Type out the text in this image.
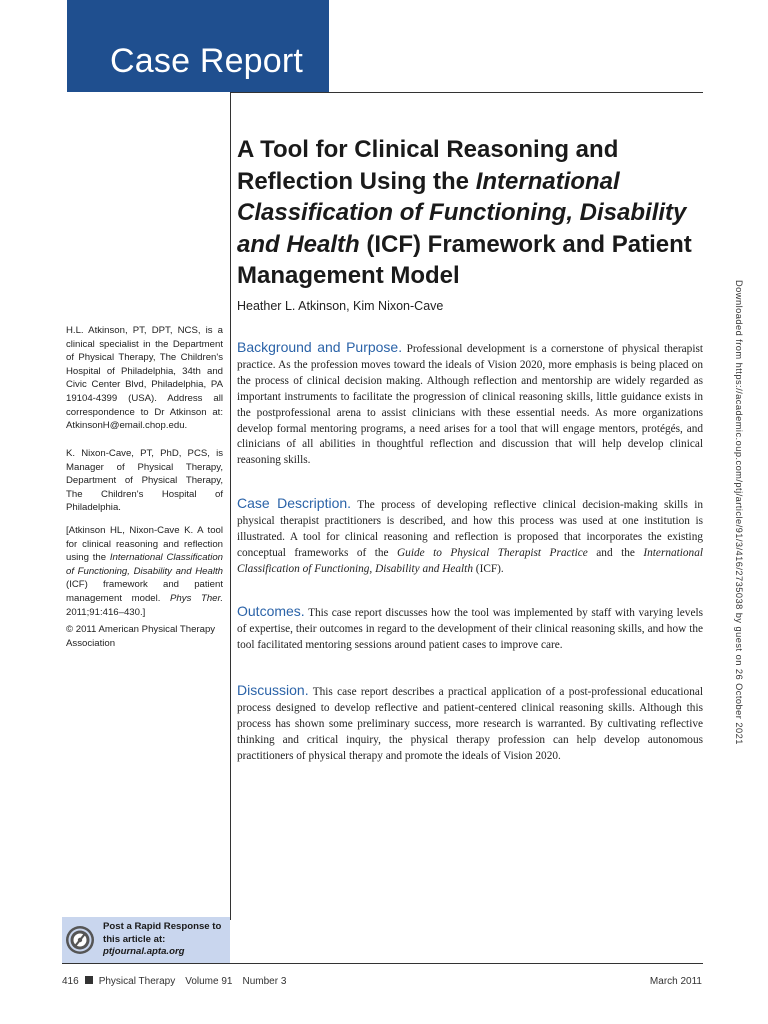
Case Report
A Tool for Clinical Reasoning and Reflection Using the International Classification of Functioning, Disability and Health (ICF) Framework and Patient Management Model
Heather L. Atkinson, Kim Nixon-Cave

H.L. Atkinson, PT, DPT, NCS, is a clinical specialist in the Department of Physical Therapy, The Children's Hospital of Philadelphia, 34th and Civic Center Blvd, Philadelphia, PA 19104-4399 (USA). Address all correspondence to Dr Atkinson at: AtkinsonH@email.chop.edu.

K. Nixon-Cave, PT, PhD, PCS, is Manager of Physical Therapy, Department of Physical Therapy, The Children's Hospital of Philadelphia.

[Atkinson HL, Nixon-Cave K. A tool for clinical reasoning and reflection using the International Classification of Functioning, Disability and Health (ICF) framework and patient management model. Phys Ther. 2011;91:416–430.]

© 2011 American Physical Therapy Association

Background and Purpose. Professional development is a cornerstone of physical therapist practice. As the profession moves toward the ideals of Vision 2020, more emphasis is being placed on the process of clinical decision making. Although reflection and mentorship are widely regarded as important instruments to facilitate the progression of clinical reasoning skills, little guidance exists in the postprofessional arena to assist clinicians with these essential needs. As more organizations develop formal mentoring programs, a need arises for a tool that will engage mentors, protégés, and clinicians of all abilities in thoughtful reflection and discussion that will help develop clinical reasoning skills.

Case Description. The process of developing reflective clinical decision-making skills in physical therapist practitioners is described, and how this process was used at one institution is illustrated. A tool for clinical reasoning and reflection is proposed that incorporates the existing conceptual frameworks of the Guide to Physical Therapist Practice and the International Classification of Functioning, Disability and Health (ICF).

Outcomes. This case report discusses how the tool was implemented by staff with varying levels of expertise, their outcomes in regard to the development of their clinical reasoning skills, and how the tool facilitated mentoring sessions around patient cases to improve care.

Discussion. This case report describes a practical application of a post-professional educational process designed to develop reflective and patient-centered clinical reasoning skills. Although this process has shown some preliminary success, more research is warranted. By cultivating reflective thinking and critical inquiry, the physical therapy profession can help develop autonomous practitioners of physical therapy and promote the ideals of Vision 2020.

Downloaded from https://academic.oup.com/ptj/article/91/3/416/2735038 by guest on 26 October 2021

Post a Rapid Response to
this article at:
ptjournal.apta.org

416 Physical Therapy Volume 91 Number 3	March 2011
